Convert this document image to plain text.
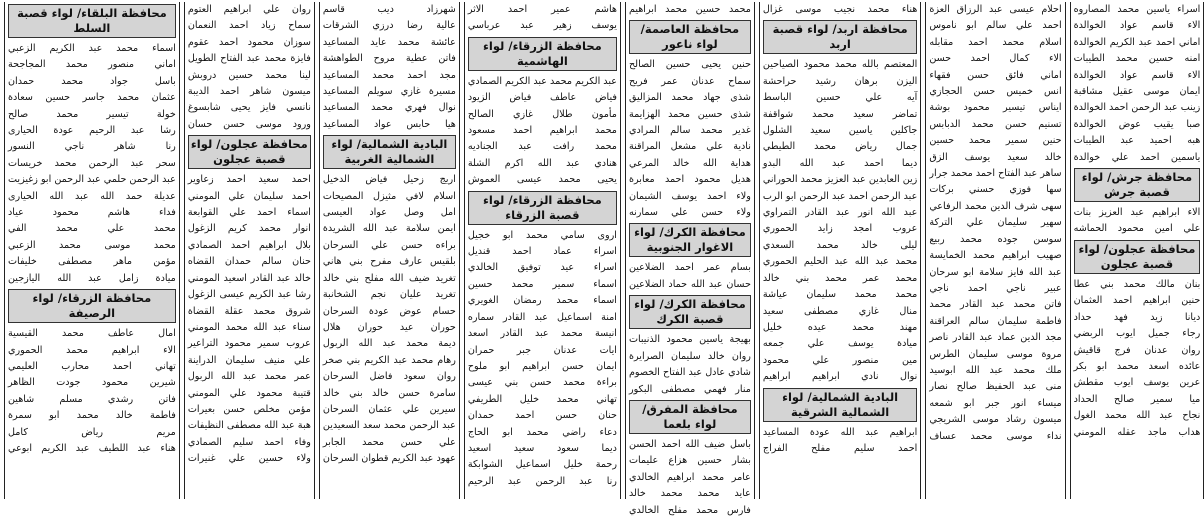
محافظة البلقاء/ لواء قصبة السلط

اسماء محمد عبد الكريم الزعبي

اماني منصور محمد المجاجحة

باسل جواد محمد حمدان

عثمان محمد جاسر حسين سعادة

خولة تيسير محمد صالح

رشا عبد الرحيم عودة الحيارى

رنا شاهر ناجي النسور

سحر عبد الرحمن محمد خريسات

عبد الرحمن حلمي عبد الرحمن ابو زغيزيت

عديلة حمد الله عبد الله الحيارى

فداء هاشم محمود عياد

محمد علي محمد الفي

محمد موسى محمد الزعبي

مؤمن ماهر مصطفى خليفات

ميادة زامل عبد الله اليازجين

محافظة الزرقاء/ لواء الرصيفة

امال عاطف محمد القيسية

الاء ابراهيم محمد الحموري

تهاني احمد محارب العليمي

شيرين محمود جودت الظاهر

فاتن رشدي مسلم شاهين

فاطمة خالد محمد ابو سمرة

مريم رياض كامل

هناء عبد اللطيف عبد الكريم ابوعي

روان علي ابراهيم العتوم

سماح زياد احمد النعمان

سوزان محمود احمد عقوم

فايزة محمد عبد الفتاح الطويل

لينا محمد حسين دروبش

ميسون شاهر احمد الديبة

نانسي فايز يحيى شابسوغ

ورود موسى حسن حسان

محافظة عجلون/ لواء قصبة عجلون

احمد سعيد احمد زعاوير

احمد سليمان علي المومني

اسماء احمد علي القوابعة

انوار محمد كريم الزغول

بلال ابراهيم احمد الصمادي

حنان سالم حمدان القضاه

خالد عبد القادر اسعيد المومني

رشا عبد الكريم عيسى الزغول

شروق محمد عقلة القضاة

سناء عبد الله محمد المومني

عروب سمير محمود التراعير

علي منيف سليمان الدراينة

عمر محمد عبد الله الربول

قتيبة محمود علي المومني

مؤمن مخلص حسن بعيرات

هبة عبد الله مصطفى النظيفات

وفاء احمد سليم الصمادي

ولاء حسين علي غنيرات

شهرزاد ديب قاسم

عالية رضا درزي الشرقات

عائشة محمد عايد المساعيد

فاتن عطية مروح الطواهشة

مجد احمد محمد المساعيد

مسيرة غازي سويلم المساعيد

نوال فهري محمد المساعيد

هيا حابس عواد المساعيد

البادية الشمالية/ لواء الشمالية الغربية

اريج زحيل فياض الدخيل

اسلام لافي مثيزل المصيحات

امل وصل عواد العيسى

ايمن سلامة عبد الله الشريدة

براءه حسن علي السرحان

بلقيس عارف مفرح بني هاني

تغريد ضيف الله مفلح بني خالد

تغريد عليان نجم الشخانبة

حسام عوض عودة السرحان

حوران عيد حوران هلال

ديمة محمد عبد الله الربول

رهام محمد عبد الكريم بني صخر

روان سعود فاضل السرحان

سامرة حسن خالد بني خالد

سيرين علي عثمان السرحان

عبد الرحمن محمد سعد السعيدين

علي حسن محمد الجابر

عهود عبد الكريم قطوان السرحان

هاشم عمير احمد الاثر

يوسف زهير عبد عرباسي

محافظة الزرقاء/ لواء الهاشمية

عبد الكريم محمد عبد الكريم الصمادي

فياض عاطف فياض الزيود

مأمون طلال غازي الصالح

محمد ابراهيم احمد مسعود

محمد رافت عبد الجناديه

هنادي عبد الله اكرم الشلة

يحيى محمد عيسى العموش

محافظة الزرقاء/ لواء قصبة الزرقاء

اروى سامي محمد ابو خجيل

اسراء عماد احمد قنديل

اسراء عيد توفيق الخالدي

اسماء سمير محمد حسين

اسماء محمد رمضان الغويري

امنة اسماعيل عبد القادر سماره

انيسة محمد عبد القادر اسعد

ايات عدنان جبر حمران

ايمان حسن ابراهيم ابو ملوح

براءة محمد حسن بني عيسى

تهاني محمد خليل الطريفي

حنان حسن احمد حمدان

دعاء راضي محمد ابو الحاج

ديما سعود سعيد اسعيد

رحمة خليل اسماعيل الشوابكة

رنا عبد الرحمن عبد الرحيم

محمد حسين محمد ابراهيم

محافظة العاصمة/ لواء ناعور

حنين يحيى حسين الصالح

سماح عدنان عمر فريح

شذى جهاد محمد المزاليق

شذى حسين محمد الهزايمة

غدير محمد سالم المرادي

نادية علي مشعل المراقنة

هداية الله خالد المرعي

هديل محمود احمد معابرة

ولاء احمد يوسف الشيمان

ولاء حسن علي سمارنه

محافظة الكرك/ لواء الاغوار الجنوبية

بسام عمر احمد الضلاعين

حسان عبد الله حماد الضلاعين

محافظة الكرك/ لواء قصبة الكرك

بهيجة ياسين محمود الذنيبات

روان خالد سليمان الصرايرة

شادي عادل عبد الفتاح الخصوم

منار فهمي مصطفى البكور

محافظة المفرق/ لواء بلعما

باسل ضيف الله احمد الحسن

بشار حسين هزاع عليمات

عامر محمد ابراهيم الخالدي

عايد محمد محمد خالد

فارس محمد مفلح الخالدي

هناء محمد نجيب موسى غزال

محافظة اربد/ لواء قصبة اربد

المعتصم بالله محمد محمود الصياحين

اليزن برهان رشيد حراحشة

آيه علي حسين الباسط

تماضر سعيد محمد شواقفة

جاكلين ياسين سعيد الشلول

جمال رياض محمد الطيطي

ديما احمد عبد الله البدو

زين العابدين عبد العزيز محمد الحوراني

عبد الرحمن احمد عبد الرحمن ابو الرب

عبد الله انور عبد القادر التمراوي

عروب امجد زايد الحموري

ليلى خالد محمد السعدي

محمد عبد الله عبد الحليم الحموري

محمد عمر محمد بني خالد

محمد محمد سليمان عياشة

منال غازي مصطفى سعيد

مهند محمد عيده خليل

ميادة يوسف علي جمعه

مين منصور علي محمود

نوال نادي ابراهيم ابراهيم

البادية الشمالية/ لواء الشمالية الشرقية

ابراهيم عبد الله عودة المساعيد

احمد سليم مفلح الفراج

احلام عيسى عبد الرزاق العزة

احمد علي سالم ابو ناموس

اسلام محمد احمد مقابله

الاء كمال احمد حسن

اماني فائق حسن فقهاء

انس خميس حسن الحجازي

ايناس تيسير محمود بوشة

تسنيم حسن محمد الدبابس

حنين سمير محمد حسين

خالد سعيد يوسف الزق

ساهر عبد الفتاح احمد محمد جرار

سها فوزي حسني بركات

سهى شرف الدين محمد الرفاعي

سهير سليمان علي التركة

سوسن جوده محمد ربيع

صهيب ابراهيم محمد الخمايسة

عبد الله فايز سلامة ابو سرحان

عبير ناجي احمد ناجي

فاتن محمد عبد القادر محمد

فاطمة سليمان سالم العراقنة

مجد الدين عماد عبد القادر ناصر

مروة موسى سليمان الطرس

ملك محمد عبد الله ابوسيد

منى عبد الحفيظ صالح نصار

ميساء انور جبر ابو شمعه

ميسون رشاد موسى الشريجي

نداء موسى محمد عساف

اسراء ياسين محمد المصاروه

الاء قاسم عواد الخوالدة

اماني احمد عبد الكريم الخوالدة

امنه حسين محمد الطيبات

الاء قاسم عواد الخوالدة

ايمان موسى عقيل مشاقبة

زينب عبد الرحمن احمد الخوالدة

صبا يقيب عوض الخوالدة

هبه احميد عبد الطيبات

ياسمين احمد علي خوالدة

محافظة جرش/ لواء قصبة جرش

الاء ابراهيم عبد العزيز بنات

علي امين محمود الحماشه

محافظة عجلون/ لواء قصبة عجلون

بنان مالك محمد بني عطا

حنين ابراهيم احمد العثمان

ديانا زيد فهد حداد

رجاء جميل ايوب الربضي

روان عدنان فرج قاقيش

عائده اسعد محمد ابو بكر

عرين يوسف ايوب مقطش

ميا سمير صالح الحداد

نجاح عبد الله محمد الغول

هداب ماجد عقله المومني
